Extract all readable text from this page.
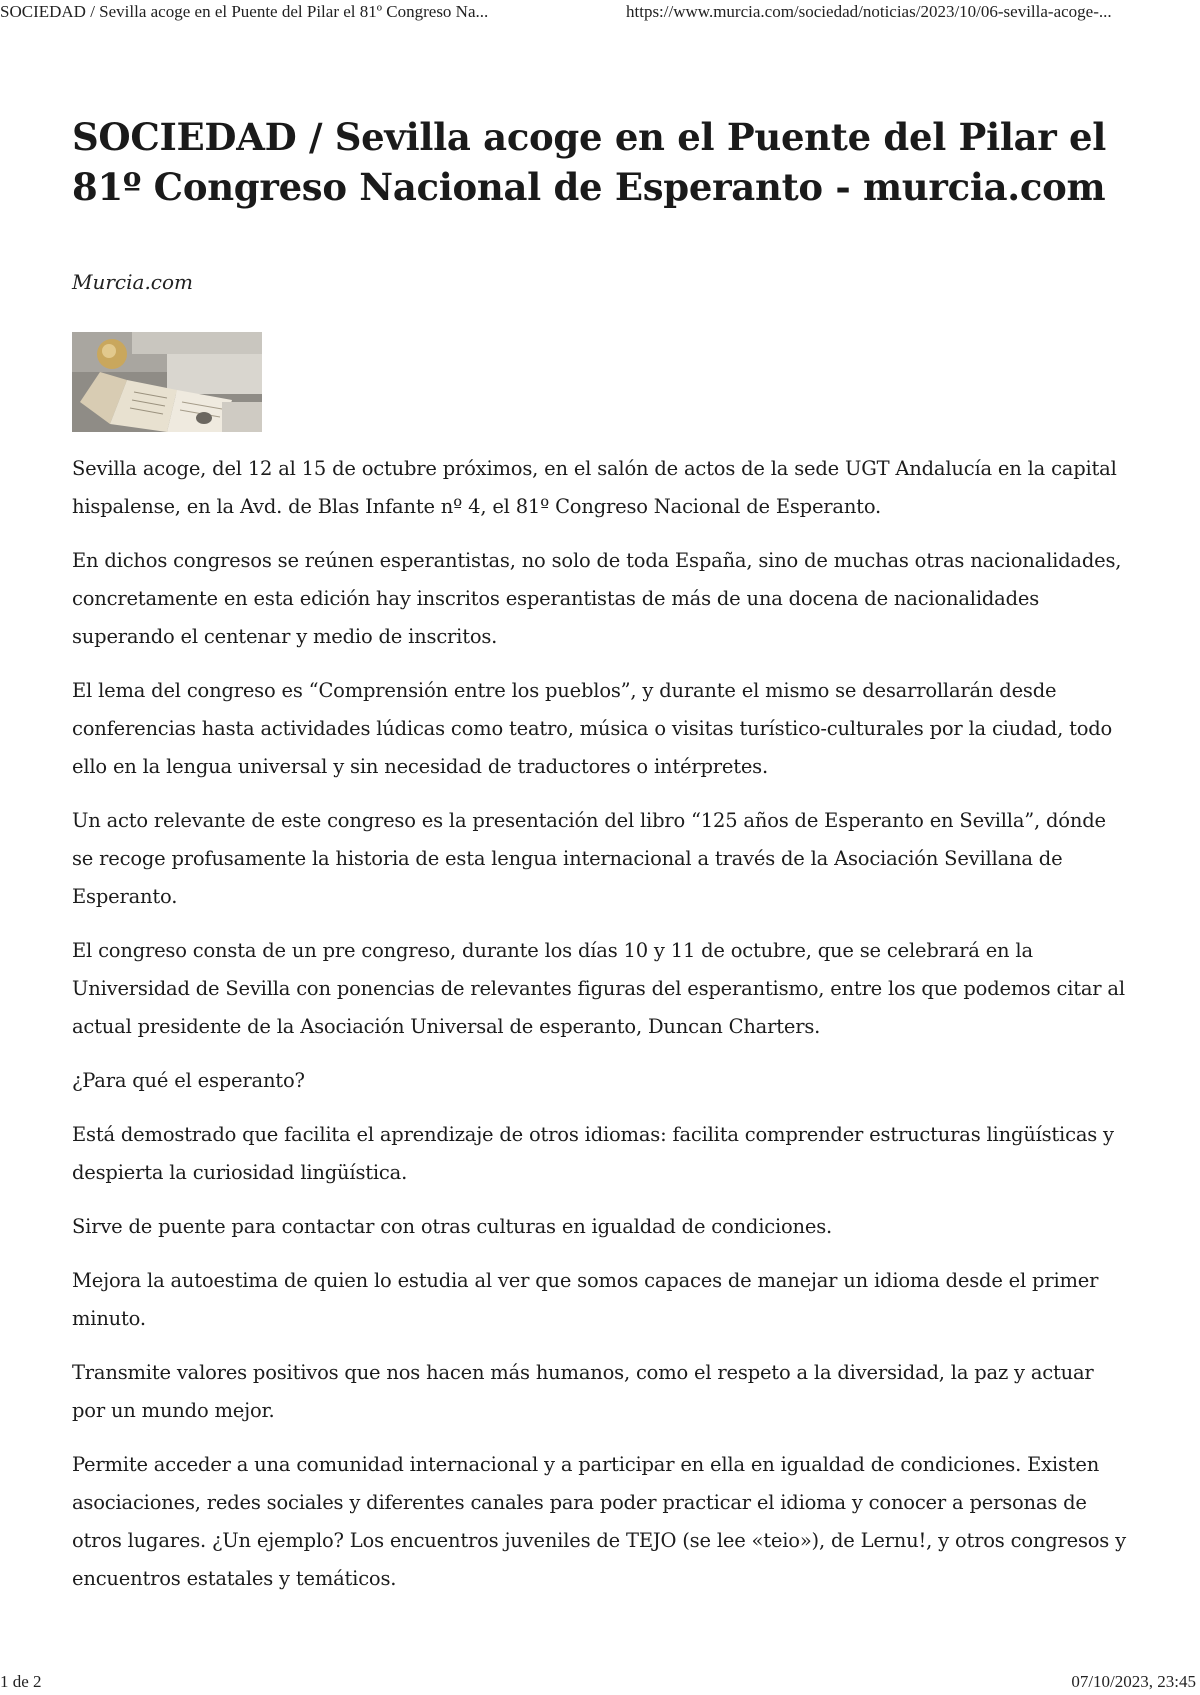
SOCIEDAD / Sevilla acoge en el Puente del Pilar el 81º Congreso Na...	https://www.murcia.com/sociedad/noticias/2023/10/06-sevilla-acoge-...
SOCIEDAD / Sevilla acoge en el Puente del Pilar el 81º Congreso Nacional de Esperanto - murcia.com
Murcia.com

Sevilla acoge, del 12 al 15 de octubre próximos, en el salón de actos de la sede UGT Andalucía en la capital hispalense, en la Avd. de Blas Infante nº 4, el 81º Congreso Nacional de Esperanto.

En dichos congresos se reúnen esperantistas, no solo de toda España, sino de muchas otras nacionalidades, concretamente en esta edición hay inscritos esperantistas de más de una docena de nacionalidades superando el centenar y medio de inscritos.

El lema del congreso es “Comprensión entre los pueblos”, y durante el mismo se desarrollarán desde conferencias hasta actividades lúdicas como teatro, música o visitas turístico-culturales por la ciudad, todo ello en la lengua universal y sin necesidad de traductores o intérpretes.

Un acto relevante de este congreso es la presentación del libro “125 años de Esperanto en Sevilla”, dónde se recoge profusamente la historia de esta lengua internacional a través de la Asociación Sevillana de Esperanto.

El congreso consta de un pre congreso, durante los días 10 y 11 de octubre, que se celebrará en la Universidad de Sevilla con ponencias de relevantes figuras del esperantismo, entre los que podemos citar al actual presidente de la Asociación Universal de esperanto, Duncan Charters.

¿Para qué el esperanto?

Está demostrado que facilita el aprendizaje de otros idiomas: facilita comprender estructuras lingüísticas y despierta la curiosidad lingüística.

Sirve de puente para contactar con otras culturas en igualdad de condiciones.

Mejora la autoestima de quien lo estudia al ver que somos capaces de manejar un idioma desde el primer minuto.

Transmite valores positivos que nos hacen más humanos, como el respeto a la diversidad, la paz y actuar por un mundo mejor.

Permite acceder a una comunidad internacional y a participar en ella en igualdad de condiciones. Existen asociaciones, redes sociales y diferentes canales para poder practicar el idioma y conocer a personas de otros lugares. ¿Un ejemplo? Los encuentros juveniles de TEJO (se lee «teio»), de Lernu!, y otros congresos y encuentros estatales y temáticos.

1 de 2	07/10/2023, 23:45
